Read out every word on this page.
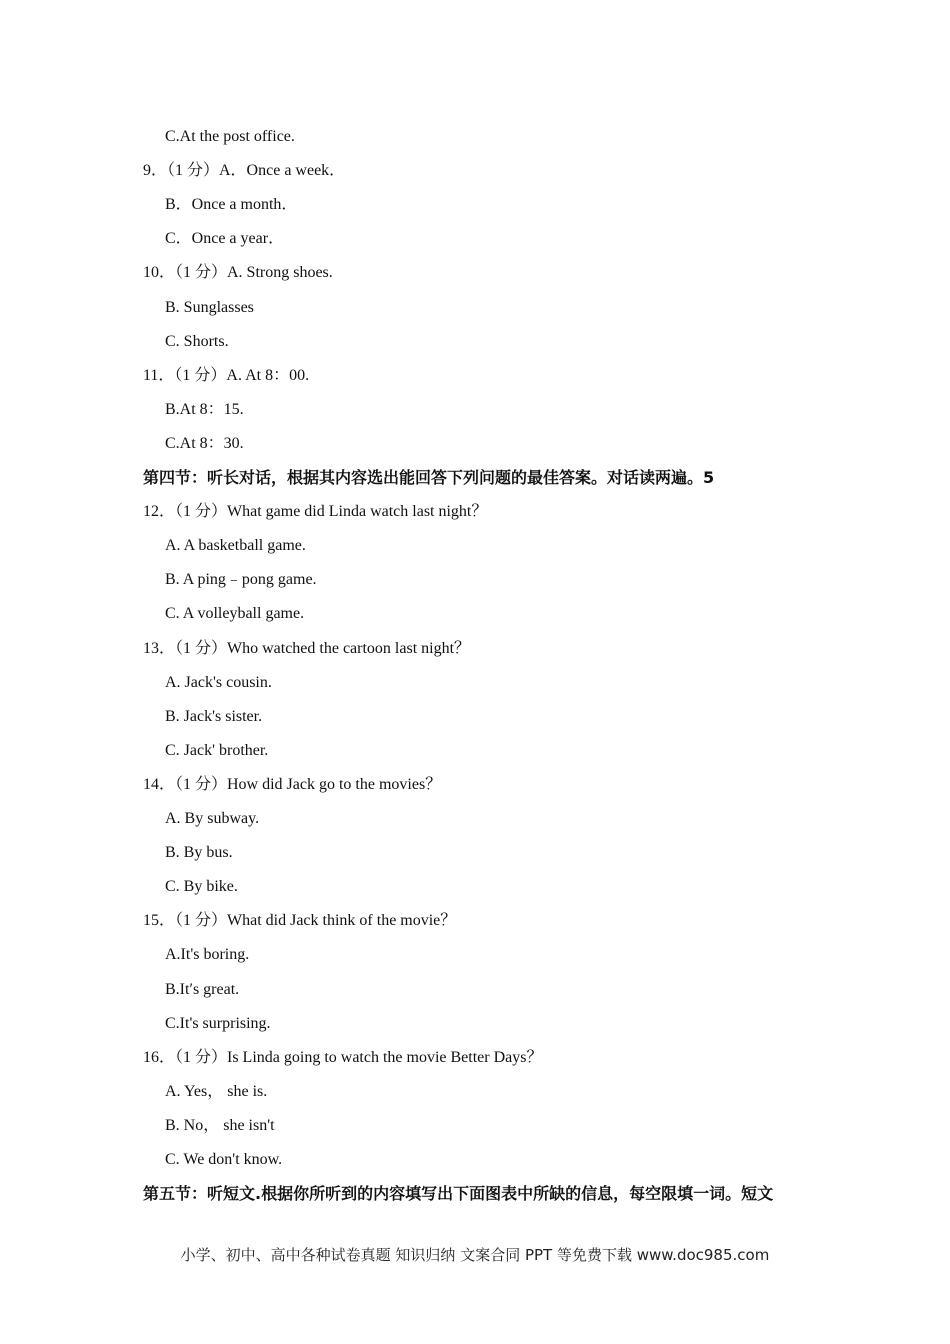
C.At the post office.
9．（1 分）A．Once a week．
B．Once a month．
C．Once a year．
10．（1 分）A. Strong shoes.
B. Sunglasses
C. Shorts.
11．（1 分）A. At 8：00.
B.At 8：15.
C.At 8：30.
第四节：听长对话，根据其内容选出能回答下列问题的最佳答案。对话读两遍。5
12．（1 分）What game did Linda watch last night？
A. A basketball game.
B. A ping﹣pong game.
C. A volleyball game.
13．（1 分）Who watched the cartoon last night？
A. Jack's cousin.
B. Jack's sister.
C. Jack' brother.
14．（1 分）How did Jack go to the movies？
A. By subway.
B. By bus.
C. By bike.
15．（1 分）What did Jack think of the movie？
A.It's boring.
B.It′s great.
C.It's surprising.
16．（1 分）Is Linda going to watch the movie Better Days？
A. Yes， she is.
B. No， she isn't
C. We don't know.
第五节：听短文.根据你所听到的内容填写出下面图表中所缺的信息，每空限填一词。短文
小学、初中、高中各种试卷真题 知识归纳 文案合同 PPT 等免费下载 www.doc985.com
